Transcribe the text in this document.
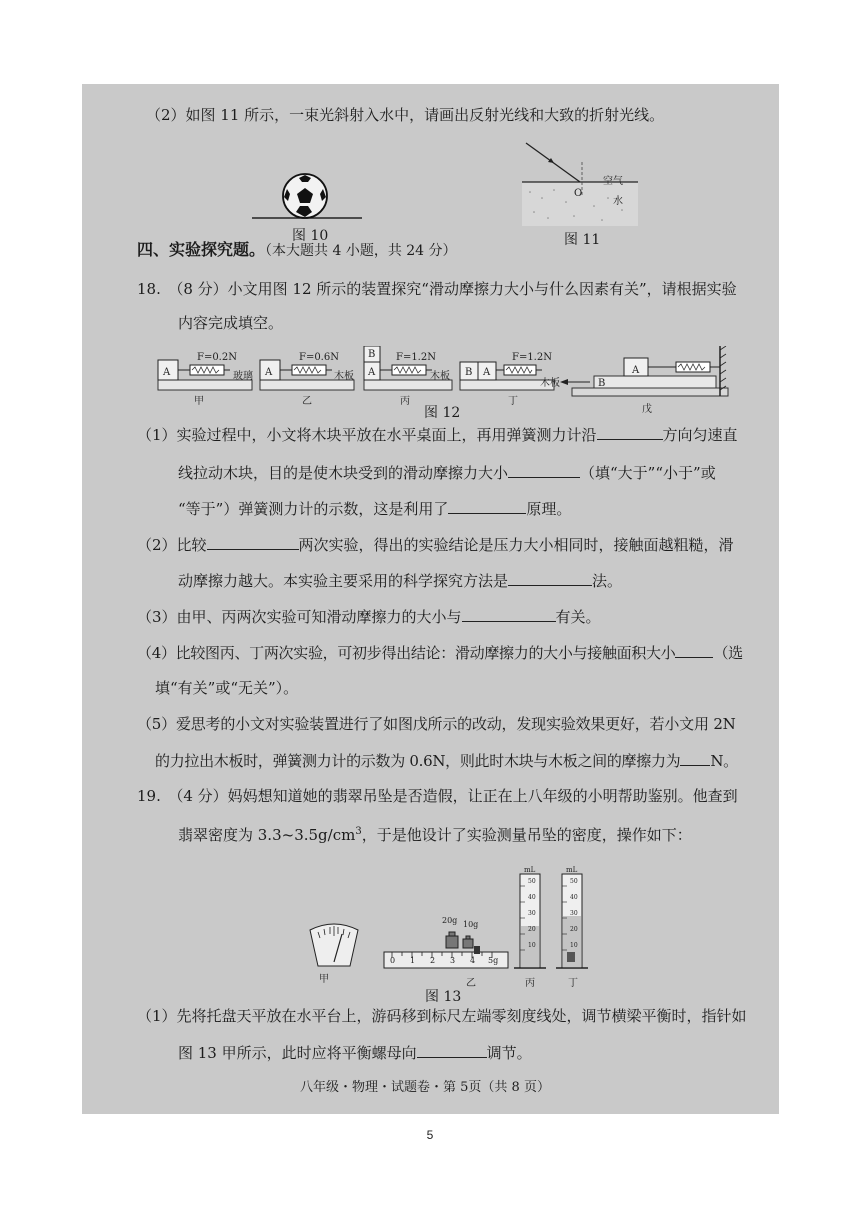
（2）如图 11 所示，一束光斜射入水中，请画出反射光线和大致的折射光线。
图 10
O
空气
水
图 11
四、实验探究题。（本大题共 4 小题，共 24 分）
18.　（8 分）小文用图 12 所示的装置探究“滑动摩擦力大小与什么因素有关”，请根据实验
内容完成填空。
A
F=0.2N
玻璃
甲
A
F=0.6N
木板
乙
A
B F=1.2N
木板
丙
B A
F=1.2N
木板
丁
A
B
戊
图 12
（1）实验过程中，小文将木块平放在水平桌面上，再用弹簧测力计沿	方向匀速直
线拉动木块，目的是使木块受到的滑动摩擦力大小	（填“大于”“小于”或
“等于”）弹簧测力计的示数，这是利用了	原理。
（2）比较	两次实验，得出的实验结论是压力大小相同时，接触面越粗糙，滑
动摩擦力越大。本实验主要采用的科学探究方法是	法。
（3）由甲、丙两次实验可知滑动摩擦力的大小与	有关。
（4）比较图丙、丁两次实验，可初步得出结论：滑动摩擦力的大小与接触面积大小	（选
填“有关”或“无关”）。
（5）爱思考的小文对实验装置进行了如图戊所示的改动，发现实验效果更好，若小文用 2N
的力拉出木板时，弹簧测力计的示数为 0.6N，则此时木块与木板之间的摩擦力为 N。
19.　（4 分）妈妈想知道她的翡翠吊坠是否造假，让正在上八年级的小明帮助鉴别。他查到
翡翠密度为 $3.3\sim 3.5g/cm^3$，于是他设计了实验测量吊坠的密度，操作如下：
20g 10g
0 1 2 3 4 5g
mL
50
40
30
20
10
mL
50
40
30
20
10
甲	乙	丙	丁
图 13
（1）先将托盘天平放在水平台上，游码移到标尺左端零刻度线处，调节横梁平衡时，指针如
图 13 甲所示，此时应将平衡螺母向	调节。
八年级・物理・试题卷・第 5页（共 8 页）
5
